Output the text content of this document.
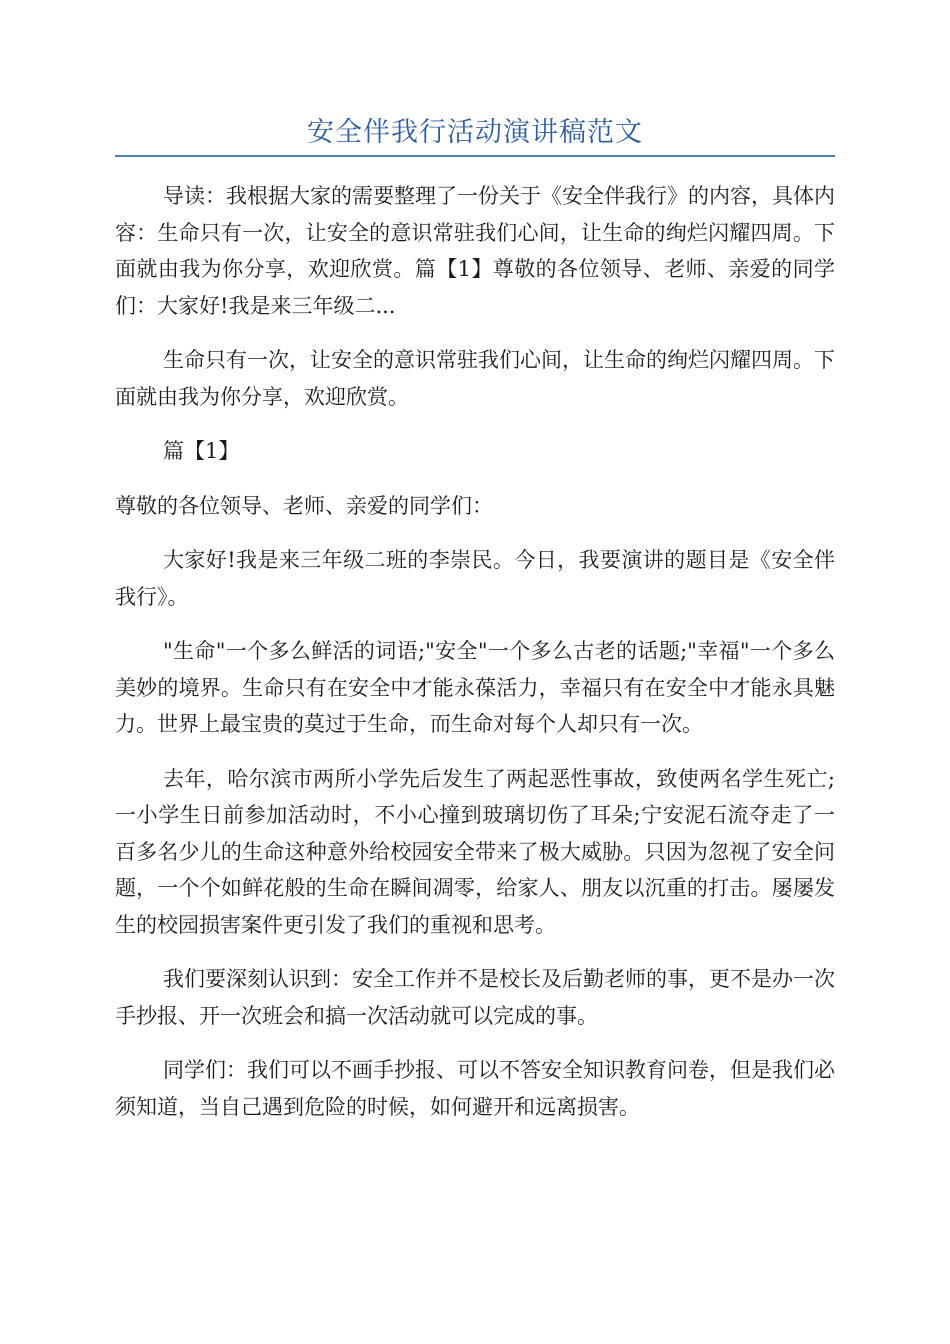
安全伴我行活动演讲稿范文

导读：我根据大家的需要整理了一份关于《安全伴我行》的内容，具体内容：生命只有一次，让安全的意识常驻我们心间，让生命的绚烂闪耀四周。下面就由我为你分享，欢迎欣赏。篇【1】尊敬的各位领导、老师、亲爱的同学们：大家好!我是来三年级二...

生命只有一次，让安全的意识常驻我们心间，让生命的绚烂闪耀四周。下面就由我为你分享，欢迎欣赏。

篇【1】

尊敬的各位领导、老师、亲爱的同学们：

大家好!我是来三年级二班的李崇民。今日，我要演讲的题目是《安全伴我行》。

"生命"一个多么鲜活的词语;"安全"一个多么古老的话题;"幸福"一个多么美妙的境界。生命只有在安全中才能永葆活力，幸福只有在安全中才能永具魅力。世界上最宝贵的莫过于生命，而生命对每个人却只有一次。

去年，哈尔滨市两所小学先后发生了两起恶性事故，致使两名学生死亡;一小学生日前参加活动时，不小心撞到玻璃切伤了耳朵;宁安泥石流夺走了一百多名少儿的生命这种意外给校园安全带来了极大威胁。只因为忽视了安全问题，一个个如鲜花般的生命在瞬间凋零，给家人、朋友以沉重的打击。屡屡发生的校园损害案件更引发了我们的重视和思考。

我们要深刻认识到：安全工作并不是校长及后勤老师的事，更不是办一次手抄报、开一次班会和搞一次活动就可以完成的事。

同学们：我们可以不画手抄报、可以不答安全知识教育问卷，但是我们必须知道，当自己遇到危险的时候，如何避开和远离损害。
